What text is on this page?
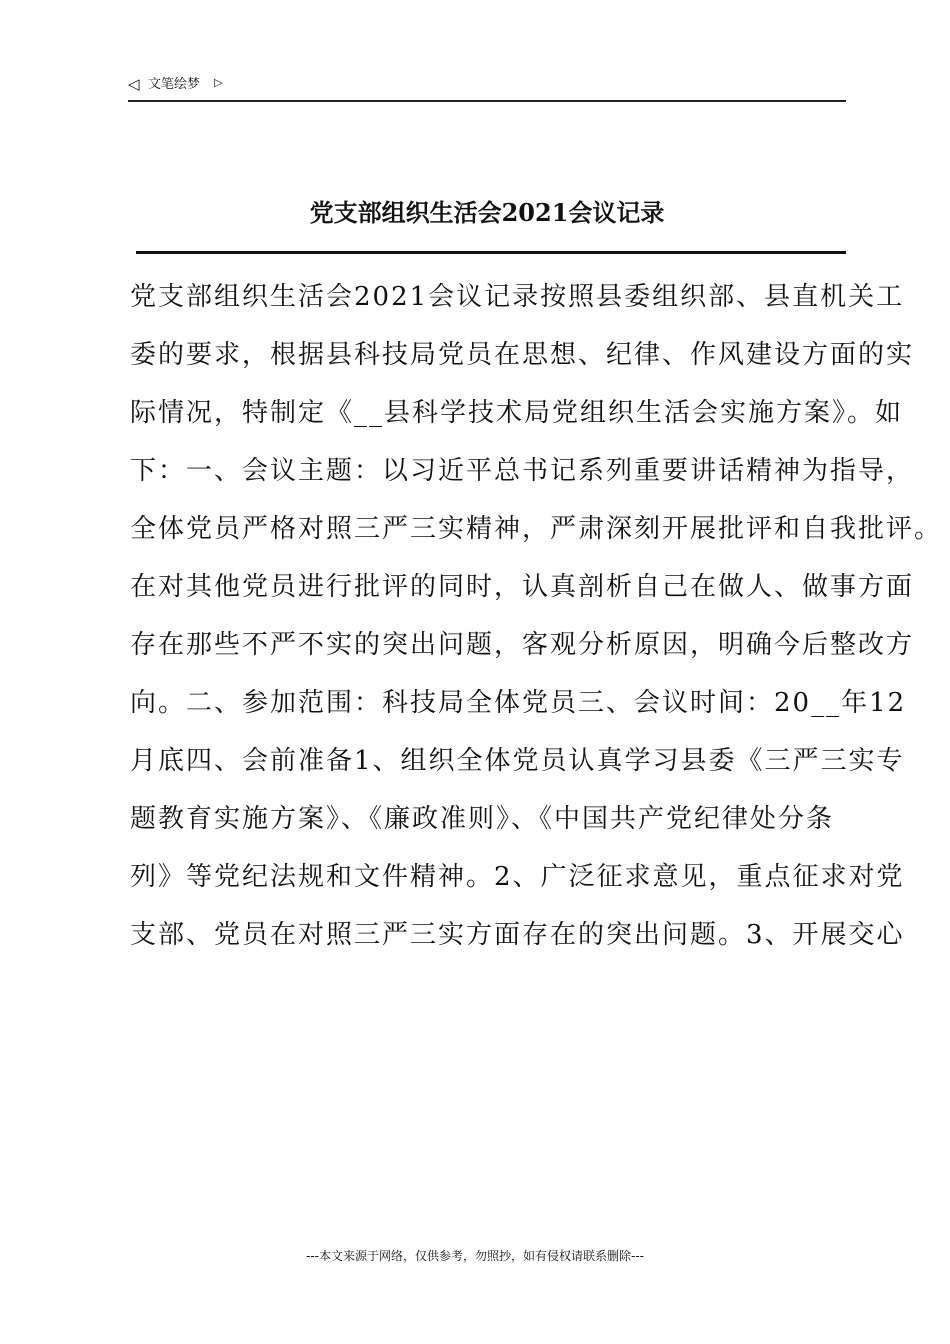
◁ 文笔绘梦 ▷
党支部组织生活会2021会议记录
党支部组织生活会2021会议记录按照县委组织部、县直机关工
委的要求，根据县科技局党员在思想、纪律、作风建设方面的实
际情况，特制定《__县科学技术局党组织生活会实施方案》。如
下：一、会议主题：以习近平总书记系列重要讲话精神为指导，
全体党员严格对照三严三实精神，严肃深刻开展批评和自我批评。
在对其他党员进行批评的同时，认真剖析自己在做人、做事方面
存在那些不严不实的突出问题，客观分析原因，明确今后整改方
向。二、参加范围：科技局全体党员三、会议时间：20__年12
月底四、会前准备1、组织全体党员认真学习县委《三严三实专
题教育实施方案》、《廉政准则》、《中国共产党纪律处分条
列》等党纪法规和文件精神。2、广泛征求意见，重点征求对党
支部、党员在对照三严三实方面存在的突出问题。3、开展交心
---本文来源于网络，仅供参考，勿照抄，如有侵权请联系删除---
